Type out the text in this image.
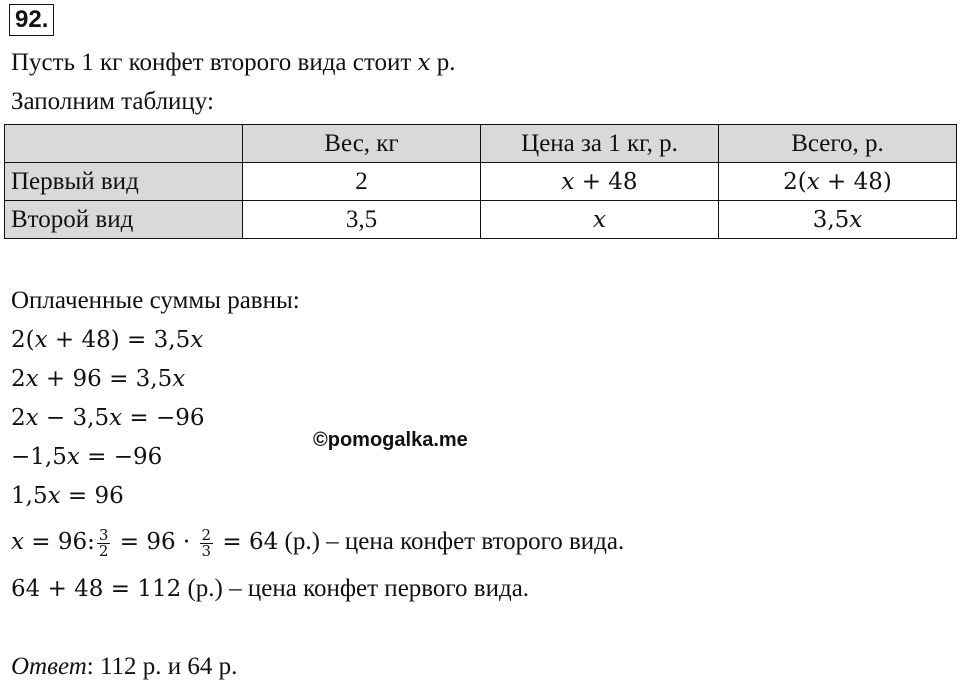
92.
Пусть 1 кг конфет второго вида стоит x р.
Заполним таблицу:
	Вес, кг	Цена за 1 кг, р.	Всего, р.
Первый вид	2	x + 48	2(x + 48)
Второй вид	3,5	x	3,5x
Оплаченные суммы равны:
2(x + 48) = 3,5x
2x + 96 = 3,5x
2x − 3,5x = −96
©pomogalka.me
−1,5x = −96
1,5x = 96
x = 96: $\frac{3}{2} = 96 \cdot \frac{2}{3} = 64$ (р.) – цена конфет второго вида.
64 + 48 = 112 (р.) – цена конфет первого вида.
Ответ: 112 р. и 64 р.
